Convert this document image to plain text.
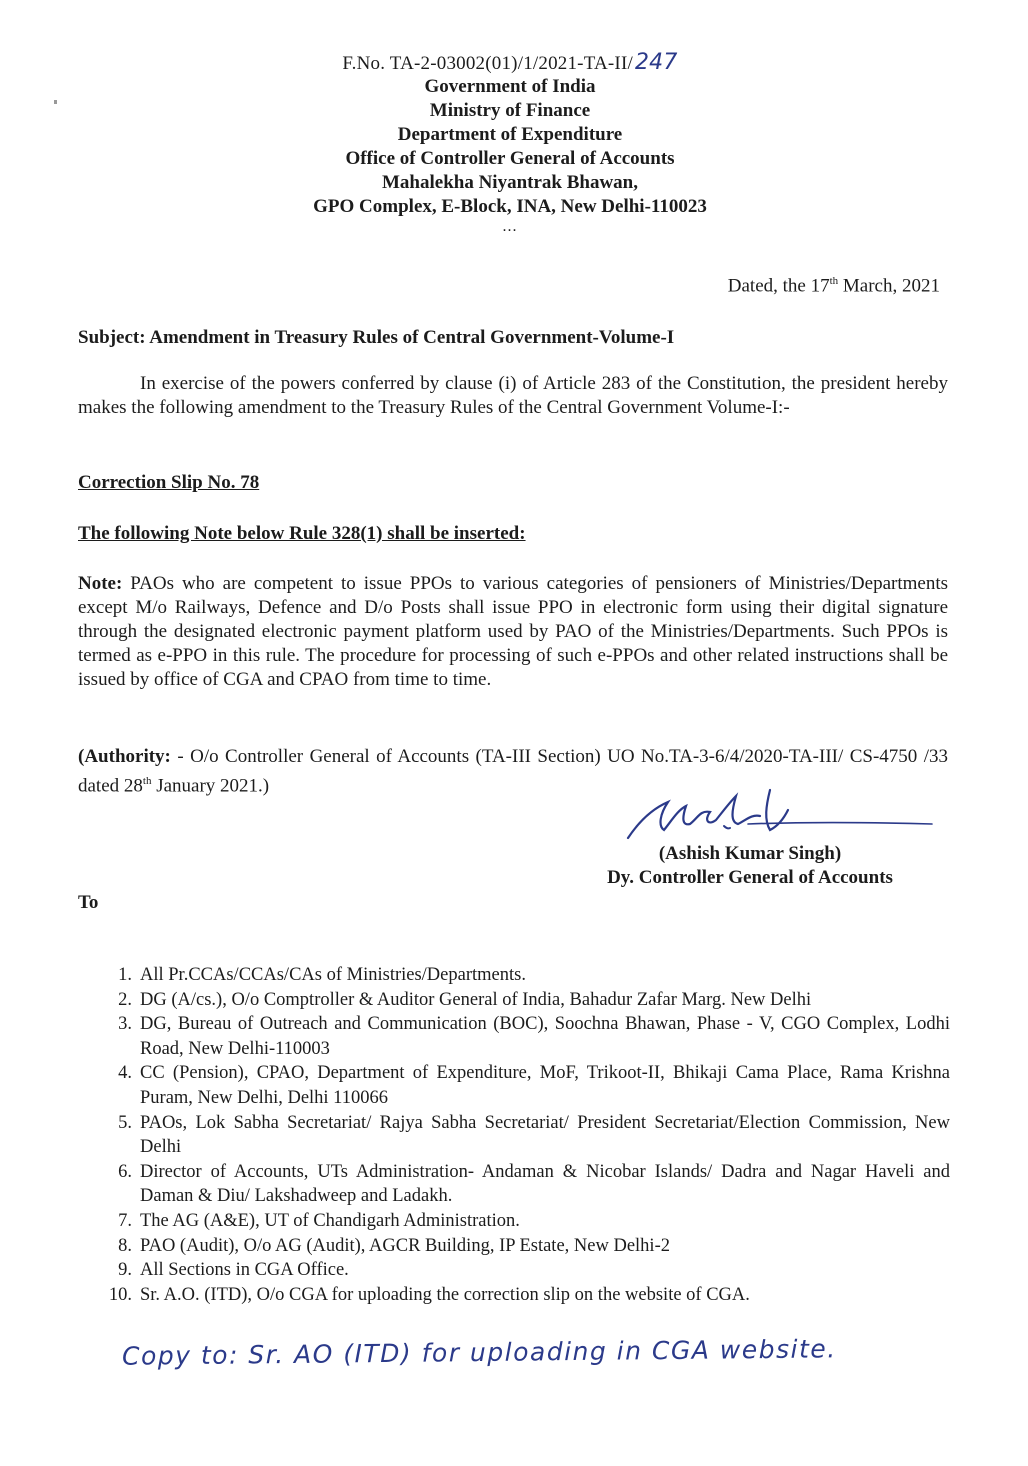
F.No. TA-2-03002(01)/1/2021-TA-II/247
Government of India
Ministry of Finance
Department of Expenditure
Office of Controller General of Accounts
Mahalekha Niyantrak Bhawan,
GPO Complex, E-Block, INA, New Delhi-110023
...
Dated, the 17th March, 2021
Subject: Amendment in Treasury Rules of Central Government-Volume-I
In exercise of the powers conferred by clause (i) of Article 283 of the Constitution, the president hereby makes the following amendment to the Treasury Rules of the Central Government Volume-I:-
Correction Slip No. 78
The following Note below Rule 328(1) shall be inserted:
Note: PAOs who are competent to issue PPOs to various categories of pensioners of Ministries/Departments except M/o Railways, Defence and D/o Posts shall issue PPO in electronic form using their digital signature through the designated electronic payment platform used by PAO of the Ministries/Departments. Such PPOs is termed as e-PPO in this rule. The procedure for processing of such e-PPOs and other related instructions shall be issued by office of CGA and CPAO from time to time.
(Authority: - O/o Controller General of Accounts (TA-III Section) UO No.TA-3-6/4/2020-TA-III/ CS-4750 /33 dated 28th January 2021.)
(Ashish Kumar Singh)
Dy. Controller General of Accounts
To
1. All Pr.CCAs/CCAs/CAs of Ministries/Departments.
2. DG (A/cs.), O/o Comptroller & Auditor General of India, Bahadur Zafar Marg. New Delhi
3. DG, Bureau of Outreach and Communication (BOC), Soochna Bhawan, Phase - V, CGO Complex, Lodhi Road, New Delhi-110003
4. CC (Pension), CPAO, Department of Expenditure, MoF, Trikoot-II, Bhikaji Cama Place, Rama Krishna Puram, New Delhi, Delhi 110066
5. PAOs, Lok Sabha Secretariat/ Rajya Sabha Secretariat/ President Secretariat/Election Commission, New Delhi
6. Director of Accounts, UTs Administration- Andaman & Nicobar Islands/ Dadra and Nagar Haveli and Daman & Diu/ Lakshadweep and Ladakh.
7. The AG (A&E), UT of Chandigarh Administration.
8. PAO (Audit), O/o AG (Audit), AGCR Building, IP Estate, New Delhi-2
9. All Sections in CGA Office.
10. Sr. A.O. (ITD), O/o CGA for uploading the correction slip on the website of CGA.
Copy to: Sr. AO (ITD) for uploading in CGA website.
